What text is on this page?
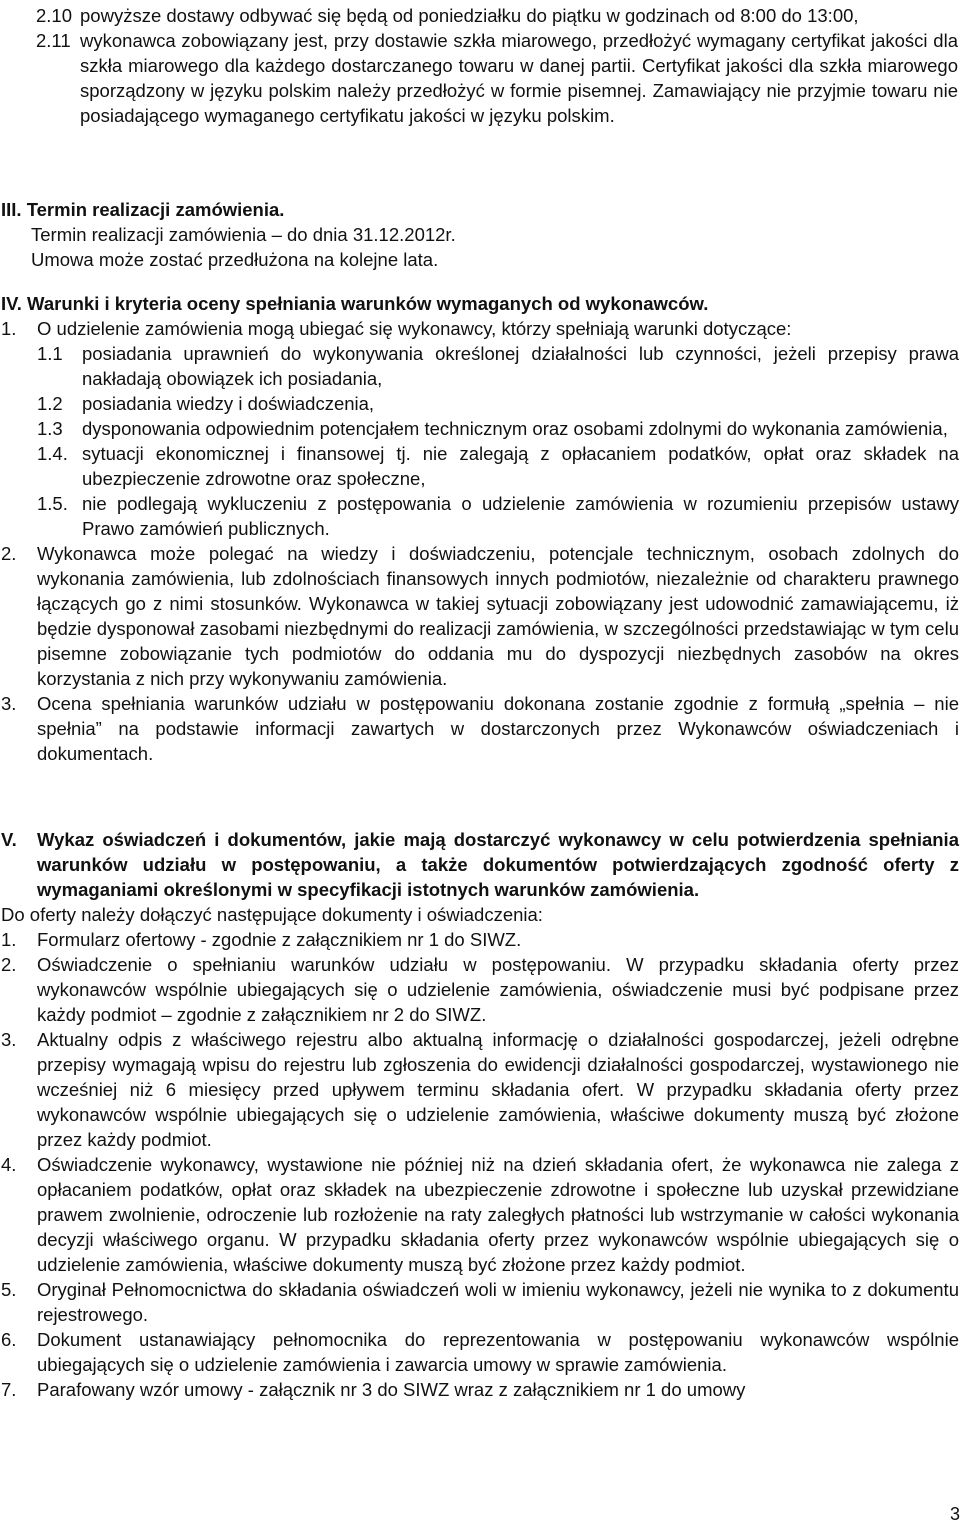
2.10 powyższe dostawy odbywać się będą od poniedziałku do piątku w godzinach od 8:00 do 13:00,
2.11 wykonawca zobowiązany jest, przy dostawie szkła miarowego, przedłożyć wymagany certyfikat jakości dla szkła miarowego dla każdego dostarczanego towaru w danej partii. Certyfikat jakości dla szkła miarowego sporządzony w języku polskim należy przedłożyć w formie pisemnej. Zamawiający nie przyjmie towaru nie posiadającego wymaganego certyfikatu jakości w języku polskim.
III. Termin realizacji zamówienia.
Termin realizacji zamówienia – do dnia 31.12.2012r.
Umowa może zostać przedłużona na kolejne lata.
IV. Warunki i kryteria oceny spełniania warunków wymaganych od wykonawców.
1. O udzielenie zamówienia mogą ubiegać się wykonawcy, którzy spełniają warunki dotyczące:
1.1 posiadania uprawnień do wykonywania określonej działalności lub czynności, jeżeli przepisy prawa nakładają obowiązek ich posiadania,
1.2 posiadania wiedzy i doświadczenia,
1.3 dysponowania odpowiednim potencjałem technicznym oraz osobami zdolnymi do wykonania zamówienia,
1.4. sytuacji ekonomicznej i finansowej tj. nie zalegają z opłacaniem podatków, opłat oraz składek na ubezpieczenie zdrowotne oraz społeczne,
1.5. nie podlegają wykluczeniu z postępowania o udzielenie zamówienia w rozumieniu przepisów ustawy Prawo zamówień publicznych.
2. Wykonawca może polegać na wiedzy i doświadczeniu, potencjale technicznym, osobach zdolnych do wykonania zamówienia, lub zdolnościach finansowych innych podmiotów, niezależnie od charakteru prawnego łączących go z nimi stosunków. Wykonawca w takiej sytuacji zobowiązany jest udowodnić zamawiającemu, iż będzie dysponował zasobami niezbędnymi do realizacji zamówienia, w szczególności przedstawiając w tym celu pisemne zobowiązanie tych podmiotów do oddania mu do dyspozycji niezbędnych zasobów na okres korzystania z nich przy wykonywaniu zamówienia.
3. Ocena spełniania warunków udziału w postępowaniu dokonana zostanie zgodnie z formułą „spełnia – nie spełnia” na podstawie informacji zawartych w dostarczonych przez Wykonawców oświadczeniach i dokumentach.
V. Wykaz oświadczeń i dokumentów, jakie mają dostarczyć wykonawcy w celu potwierdzenia spełniania warunków udziału w postępowaniu, a także dokumentów potwierdzających zgodność oferty z wymaganiami określonymi w specyfikacji istotnych warunków zamówienia.
Do oferty należy dołączyć następujące dokumenty i oświadczenia:
1. Formularz ofertowy - zgodnie z załącznikiem nr 1 do SIWZ.
2. Oświadczenie o spełnianiu warunków udziału w postępowaniu. W przypadku składania oferty przez wykonawców wspólnie ubiegających się o udzielenie zamówienia, oświadczenie musi być podpisane przez każdy podmiot – zgodnie z załącznikiem nr 2 do SIWZ.
3. Aktualny odpis z właściwego rejestru albo aktualną informację o działalności gospodarczej, jeżeli odrębne przepisy wymagają wpisu do rejestru lub zgłoszenia do ewidencji działalności gospodarczej, wystawionego nie wcześniej niż 6 miesięcy przed upływem terminu składania ofert. W przypadku składania oferty przez wykonawców wspólnie ubiegających się o udzielenie zamówienia, właściwe dokumenty muszą być złożone przez każdy podmiot.
4. Oświadczenie wykonawcy, wystawione nie później niż na dzień składania ofert, że wykonawca nie zalega z opłacaniem podatków, opłat oraz składek na ubezpieczenie zdrowotne i społeczne lub uzyskał przewidziane prawem zwolnienie, odroczenie lub rozłożenie na raty zaległych płatności lub wstrzymanie w całości wykonania decyzji właściwego organu. W przypadku składania oferty przez wykonawców wspólnie ubiegających się o udzielenie zamówienia, właściwe dokumenty muszą być złożone przez każdy podmiot.
5. Oryginał Pełnomocnictwa do składania oświadczeń woli w imieniu wykonawcy, jeżeli nie wynika to z dokumentu rejestrowego.
6. Dokument ustanawiający pełnomocnika do reprezentowania w postępowaniu wykonawców wspólnie ubiegających się o udzielenie zamówienia i zawarcia umowy w sprawie zamówienia.
7. Parafowany wzór umowy - załącznik nr 3 do SIWZ wraz z załącznikiem nr 1 do umowy
3
